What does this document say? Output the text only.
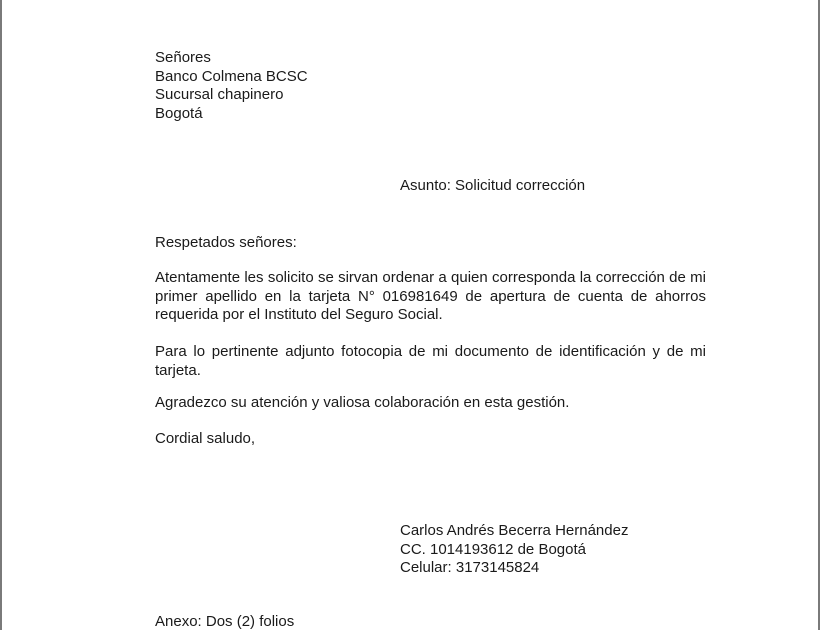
Señores
Banco Colmena BCSC
Sucursal chapinero
Bogotá
Asunto: Solicitud corrección
Respetados señores:
Atentamente les solicito se sirvan ordenar a quien corresponda la corrección de mi primer apellido en la tarjeta N° 016981649 de apertura de cuenta de ahorros requerida por el Instituto del Seguro Social.
Para lo pertinente adjunto fotocopia de mi documento de identificación y de mi tarjeta.
Agradezco su atención y valiosa colaboración en esta gestión.
Cordial saludo,
Carlos Andrés Becerra Hernández
CC. 1014193612 de Bogotá
Celular: 3173145824
Anexo: Dos (2) folios
